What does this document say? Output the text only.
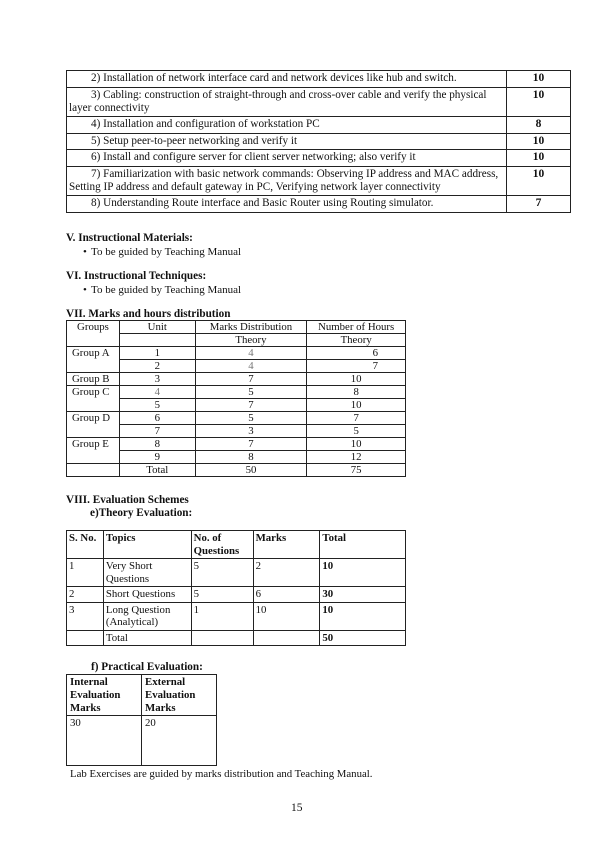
2) Installation of network interface card and network devices like hub and switch.	10
3) Cabling: construction of straight-through and cross-over cable and verify the physical layer connectivity	10
4) Installation and configuration of workstation PC	8
5) Setup peer-to-peer networking and verify it	10
6) Install and configure server for client server networking; also verify it	10
7) Familiarization with basic network commands: Observing IP address and MAC address, Setting IP address and default gateway in PC, Verifying network layer connectivity	10
8) Understanding Route interface and Basic Router using Routing simulator.	7
V. Instructional Materials:
• To be guided by Teaching Manual
VI. Instructional Techniques:
• To be guided by Teaching Manual
VII. Marks and hours distribution
Groups	Unit	Marks Distribution	Number of Hours
		Theory	Theory
Group A	1	4	6
	2	4	7
Group B	3	7	10
Group C	4	5	8
	5	7	10
Group D	6	5	7
	7	3	5
Group E	8	7	10
	9	8	12
	Total	50	75
VIII. Evaluation Schemes
e)Theory Evaluation:
S. No.	Topics	No. of Questions	Marks	Total
1	Very Short Questions	5	2	10
2	Short Questions	5	6	30
3	Long Question (Analytical)	1	10	10
	Total			50
f) Practical Evaluation:
Internal Evaluation Marks	External Evaluation Marks
30	20
Lab Exercises are guided by marks distribution and Teaching Manual.
15
